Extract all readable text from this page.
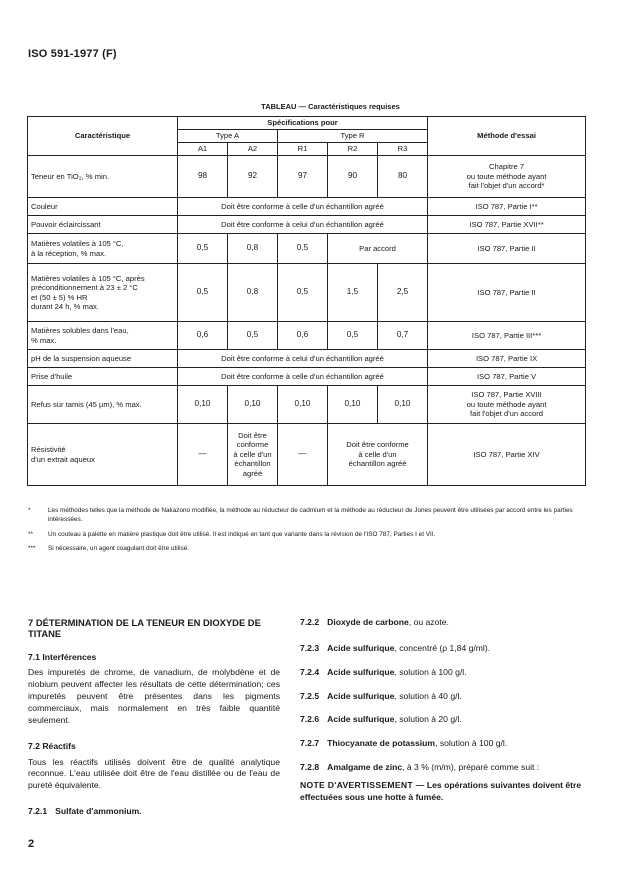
ISO 591-1977 (F)
TABLEAU — Caractéristiques requises
Caractéristique	Spécifications pour					Méthode d'essai
	Type A		Type R			
	A1	A2	R1	R2	R3	
Teneur en TiO₂, % min.	98	92	97	90	80	Chapitre 7
ou toute méthode ayant
fait l'objet d'un accord*
Couleur	Doit être conforme à celle d'un échantillon agréé					ISO 787, Partie I**
Pouvoir éclaircissant	Doit être conforme à celui d'un échantillon agréé					ISO 787, Partie XVII**
Matières volatiles à 105 °C,
à la réception, % max.	0,5	0,8	0,5	Par accord		ISO 787, Partie II
Matières volatiles à 105 °C, après
préconditionnement à 23 ± 2 °C
et (50 ± 5) % HR
durant 24 h, % max.	0,5	0,8	0,5	1,5	2,5	ISO 787, Partie II
Matières solubles dans l'eau,
% max.	0,6	0,5	0,6	0,5	0,7	ISO 787, Partie III***
pH de la suspension aqueuse	Doit être conforme à celui d'un échantillon agréé					ISO 787, Partie IX
Prise d'huile	Doit être conforme à celle d'un échantillon agréé					ISO 787, Partie V
Refus sur tamis (45 µm), % max.	0,10	0,10	0,10	0,10	0,10	ISO 787, Partie XVIII
ou toute méthode ayant
fait l'objet d'un accord
Résistivité
d'un extrait aqueux	—	Doit être
conforme
à celle d'un
échantillon
agréé	—	Doit être conforme
à celle d'un
échantillon agréé		ISO 787, Partie XIV
*	Les méthodes telles que la méthode de Nakazono modifiée, la méthode au réducteur de cadmium et la méthode au réducteur de Jones peuvent être utilisées par accord entre les parties intéressées.
** Un couteau à palette en matière plastique doit être utilisé. Il est indiqué en tant que variante dans la révision de l'ISO 787, Parties I et VII.
*** Si nécessaire, un agent coagulant doit être utilisé.
7 DÉTERMINATION DE LA TENEUR EN DIOXYDE DE TITANE
7.1 Interférences
Des impuretés de chrome, de vanadium, de molybdène et de niobium peuvent affecter les résultats de cette détermination; ces impuretés peuvent être présentes dans les pigments commerciaux, mais normalement en très faible quantité seulement.
7.2 Réactifs
Tous les réactifs utilisés doivent être de qualité analytique reconnue. L'eau utilisée doit être de l'eau distillée ou de l'eau de pureté équivalente.
7.2.1 Sulfate d'ammonium.
7.2.2 Dioxyde de carbone, ou azote.
7.2.3 Acide sulfurique, concentré (ρ 1,84 g/ml).
7.2.4 Acide sulfurique, solution à 100 g/l.
7.2.5 Acide sulfurique, solution à 40 g/l.
7.2.6 Acide sulfurique, solution à 20 g/l.
7.2.7 Thiocyanate de potassium, solution à 100 g/l.
7.2.8 Amalgame de zinc, à 3 % (m/m), préparé comme suit :
NOTE D'AVERTISSEMENT — Les opérations suivantes doivent être effectuées sous une hotte à fumée.
2
